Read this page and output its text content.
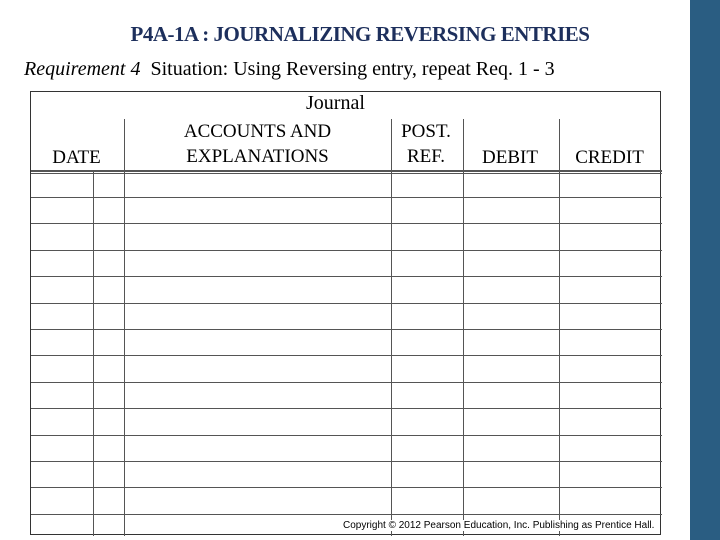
P4A-1A : JOURNALIZING REVERSING ENTRIES
Requirement 4 Situation: Using Reversing entry, repeat Req. 1 - 3
Journal
DATE
ACCOUNTS AND
EXPLANATIONS
POST.
REF.	DEBIT	CREDIT
Copyright © 2012 Pearson Education, Inc. Publishing as Prentice Hall.
